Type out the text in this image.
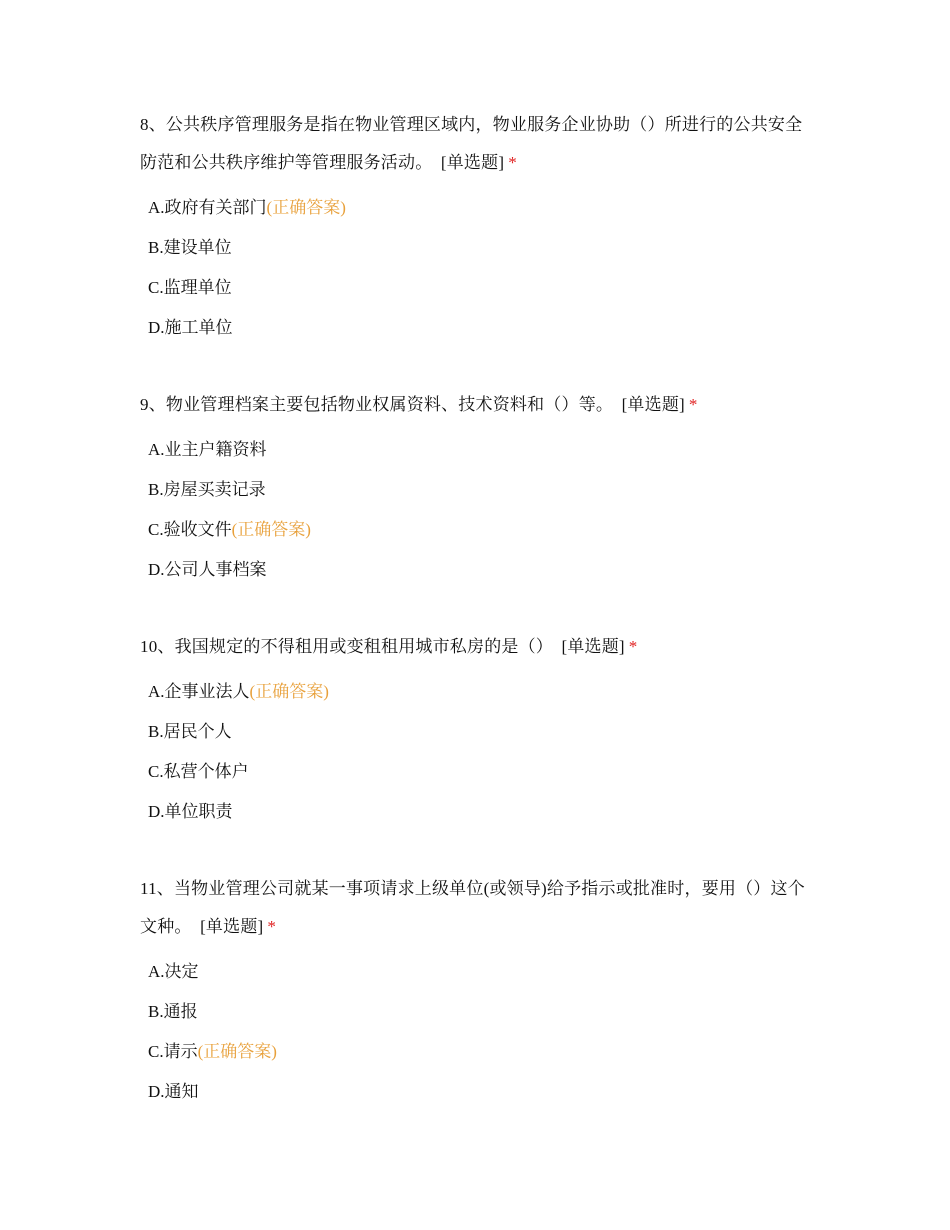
8、公共秩序管理服务是指在物业管理区域内，物业服务企业协助（）所进行的公共安全防范和公共秩序维护等管理服务活动。 [单选题] *

A.政府有关部门(正确答案)
B.建设单位
C.监理单位
D.施工单位

9、物业管理档案主要包括物业权属资料、技术资料和（）等。 [单选题] *

A.业主户籍资料
B.房屋买卖记录
C.验收文件(正确答案)
D.公司人事档案

10、我国规定的不得租用或变租租用城市私房的是（） [单选题] *

A.企事业法人(正确答案)
B.居民个人
C.私营个体户
D.单位职责

11、当物业管理公司就某一事项请求上级单位(或领导)给予指示或批准时，要用（）这个文种。 [单选题] *

A.决定
B.通报
C.请示(正确答案)
D.通知
